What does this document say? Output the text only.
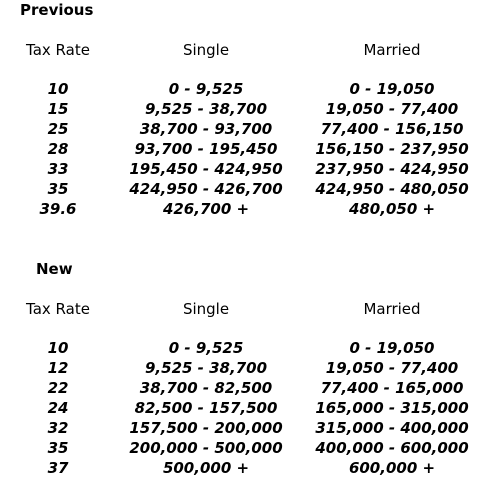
Previous
Tax Rate	Single	Married
10	0 - 9,525	0 - 19,050
15	9,525 - 38,700	19,050 - 77,400
25	38,700 - 93,700	77,400 - 156,150
28	93,700 - 195,450	156,150 - 237,950
33	195,450 - 424,950	237,950 - 424,950
35	424,950 - 426,700	424,950 - 480,050
39.6	426,700 +	480,050 +
New
Tax Rate	Single	Married
10	0 - 9,525	0 - 19,050
12	9,525 - 38,700	19,050 - 77,400
22	38,700 - 82,500	77,400 - 165,000
24	82,500 - 157,500	165,000 - 315,000
32	157,500 - 200,000	315,000 - 400,000
35	200,000 - 500,000	400,000 - 600,000
37	500,000 +	600,000 +
